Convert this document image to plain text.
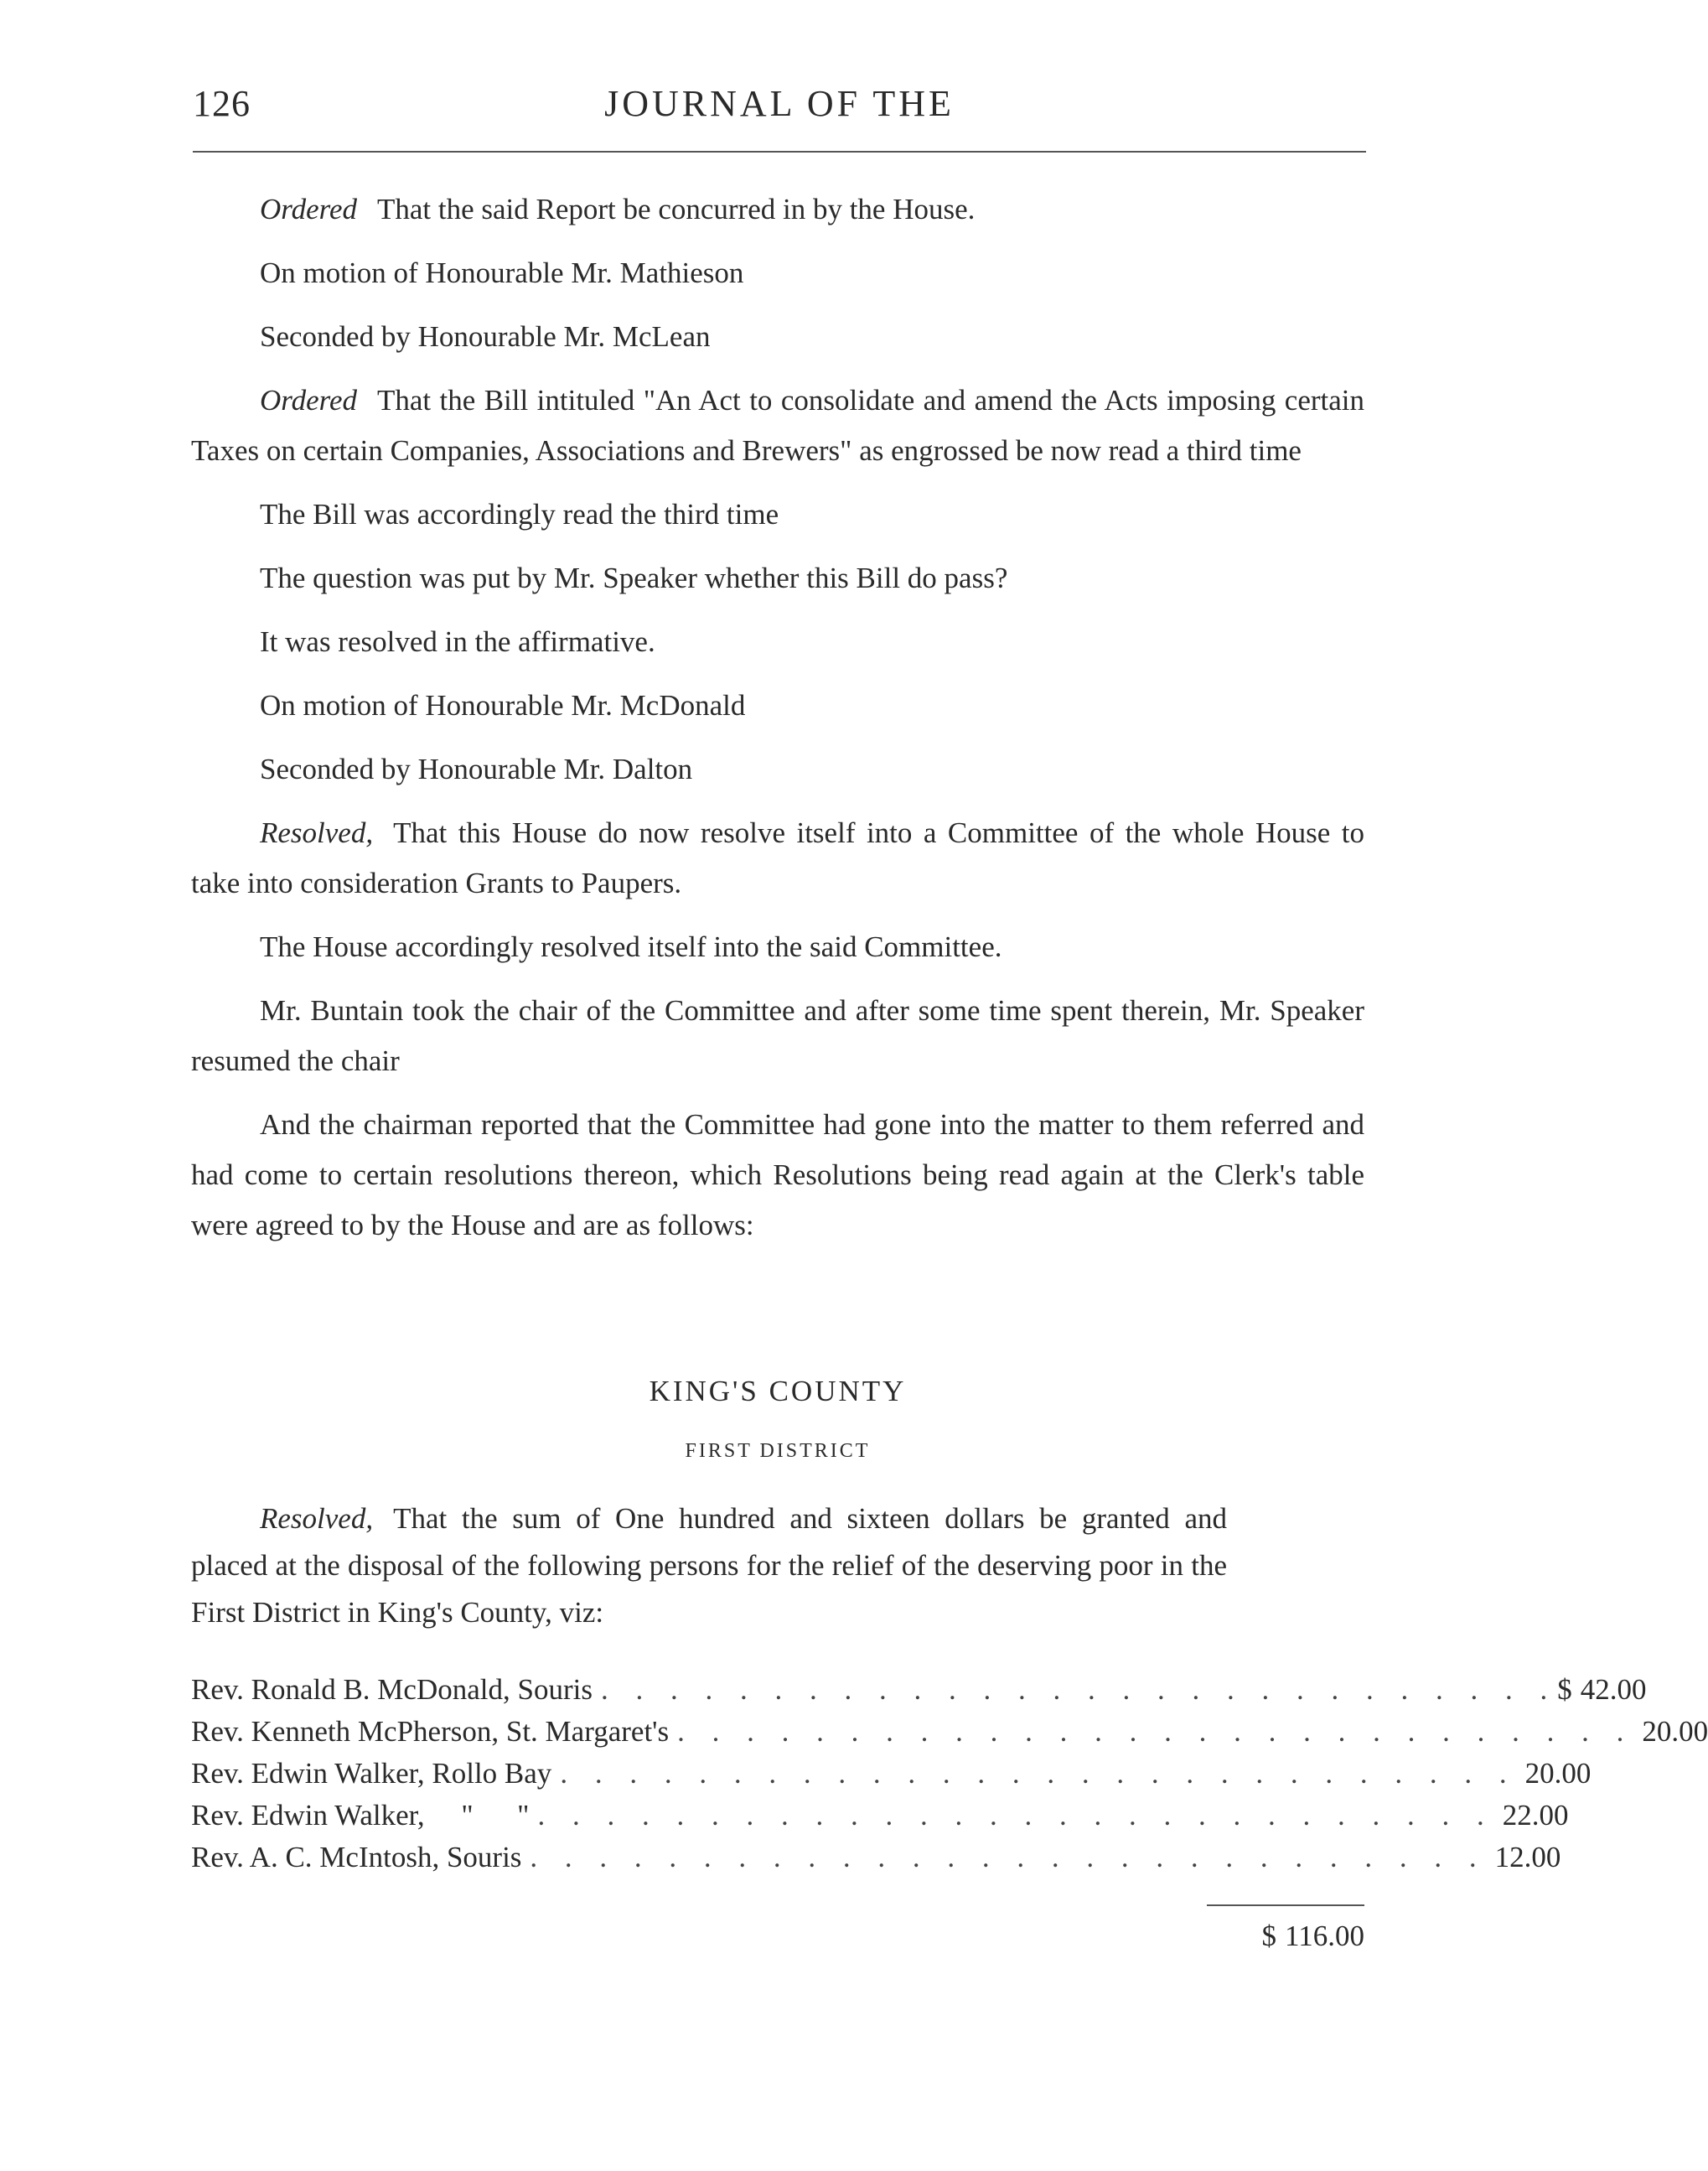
126	JOURNAL OF THE

Ordered That the said Report be concurred in by the House.

On motion of Honourable Mr. Mathieson

Seconded by Honourable Mr. McLean

Ordered That the Bill intituled "An Act to consolidate and amend the Acts imposing certain Taxes on certain Companies, Associations and Brewers" as engrossed be now read a third time

The Bill was accordingly read the third time

The question was put by Mr. Speaker whether this Bill do pass?

It was resolved in the affirmative.

On motion of Honourable Mr. McDonald

Seconded by Honourable Mr. Dalton

Resolved, That this House do now resolve itself into a Committee of the whole House to take into consideration Grants to Paupers.

The House accordingly resolved itself into the said Committee.

Mr. Buntain took the chair of the Committee and after some time spent therein, Mr. Speaker resumed the chair

And the chairman reported that the Committee had gone into the matter to them referred and had come to certain resolutions thereon, which Resolutions being read again at the Clerk's table were agreed to by the House and are as follows:

KING'S COUNTY
FIRST DISTRICT

Resolved, That the sum of One hundred and sixteen dollars be granted and placed at the disposal of the following persons for the relief of the deserving poor in the First District in King's County, viz:

Rev. Ronald B. McDonald, Souris . . . . . . . . . . . . . . . . . . . . . . . . . . . . $ 42.00
Rev. Kenneth McPherson, St. Margaret's . . . . . . . . . . . . . . . . . . . . . . . . . . . . 20.00
Rev. Edwin Walker, Rollo Bay . . . . . . . . . . . . . . . . . . . . . . . . . . . . 20.00
Rev. Edwin Walker,     "      " . . . . . . . . . . . . . . . . . . . . . . . . . . . . 22.00
Rev. A. C. McIntosh, Souris . . . . . . . . . . . . . . . . . . . . . . . . . . . . 12.00
$ 116.00
